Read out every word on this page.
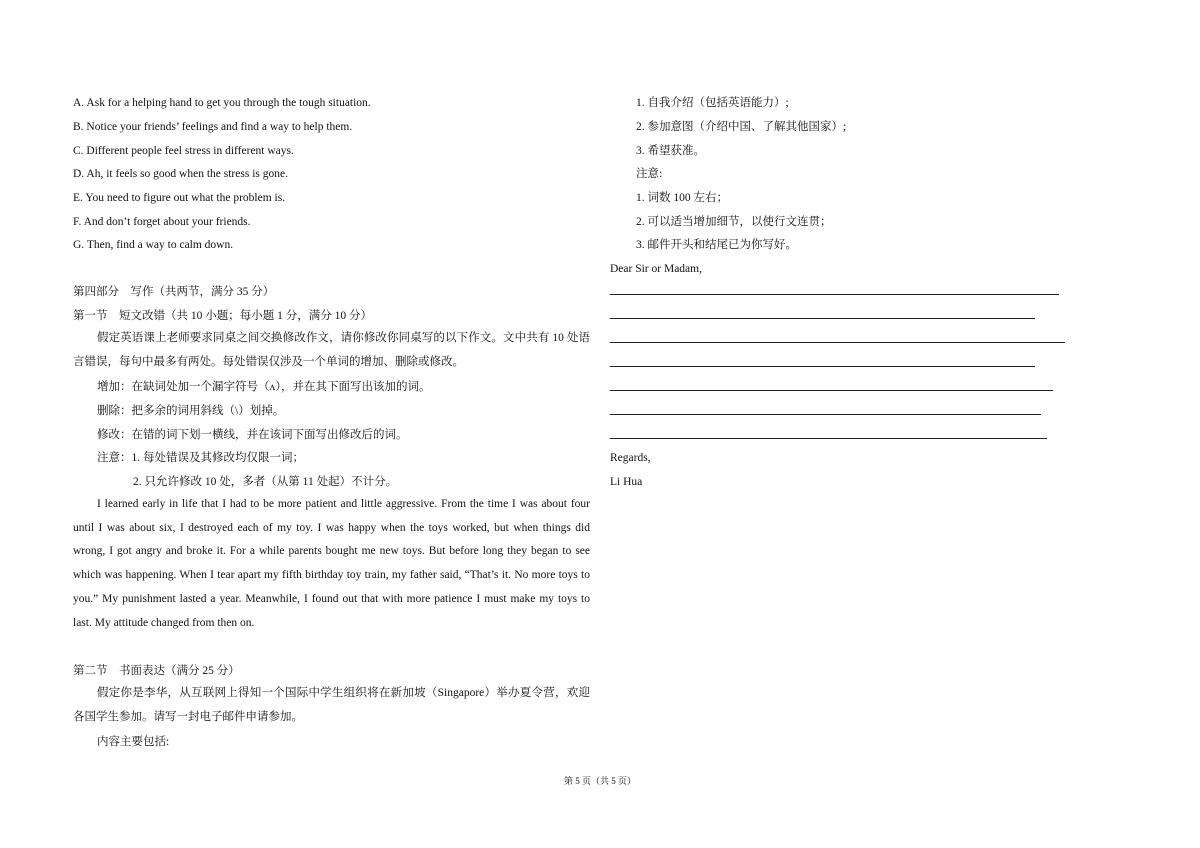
A. Ask for a helping hand to get you through the tough situation.
B. Notice your friends’ feelings and find a way to help them.
C. Different people feel stress in different ways.
D. Ah, it feels so good when the stress is gone.
E. You need to figure out what the problem is.
F. And don’t forget about your friends.
G. Then, find a way to calm down.
第四部分　写作（共两节，满分 35 分）
第一节　短文改错（共 10 小题；每小题 1 分，满分 10 分）

假定英语课上老师要求同桌之间交换修改作文，请你修改你同桌写的以下作文。文中共有 10 处语言错误，每句中最多有两处。每处错误仅涉及一个单词的增加、删除或修改。

增加：在缺词处加一个漏字符号（ʌ），并在其下面写出该加的词。
删除：把多余的词用斜线（\）划掉。
修改：在错的词下划一横线，并在该词下面写出修改后的词。
注意：1. 每处错误及其修改均仅限一词；
2. 只允许修改 10 处，多者（从第 11 处起）不计分。

I learned early in life that I had to be more patient and little aggressive. From the time I was about four until I was about six, I destroyed each of my toy. I was happy when the toys worked, but when things did wrong, I got angry and broke it. For a while parents bought me new toys. But before long they began to see which was happening. When I tear apart my fifth birthday toy train, my father said, “That’s it. No more toys to you.” My punishment lasted a year. Meanwhile, I found out that with more patience I must make my toys to last. My attitude changed from then on.

第二节　书面表达（满分 25 分）

假定你是李华，从互联网上得知一个国际中学生组织将在新加坡（Singapore）举办夏令营，欢迎各国学生参加。请写一封电子邮件申请参加。

内容主要包括:
1. 自我介绍（包括英语能力）;
2. 参加意图（介绍中国、了解其他国家）;
3. 希望获准。
注意:
1. 词数 100 左右；
2. 可以适当增加细节，以使行文连贯；
3. 邮件开头和结尾已为你写好。
Dear Sir or Madam,
Regards,
Li Hua
第 5 页（共 5 页）
